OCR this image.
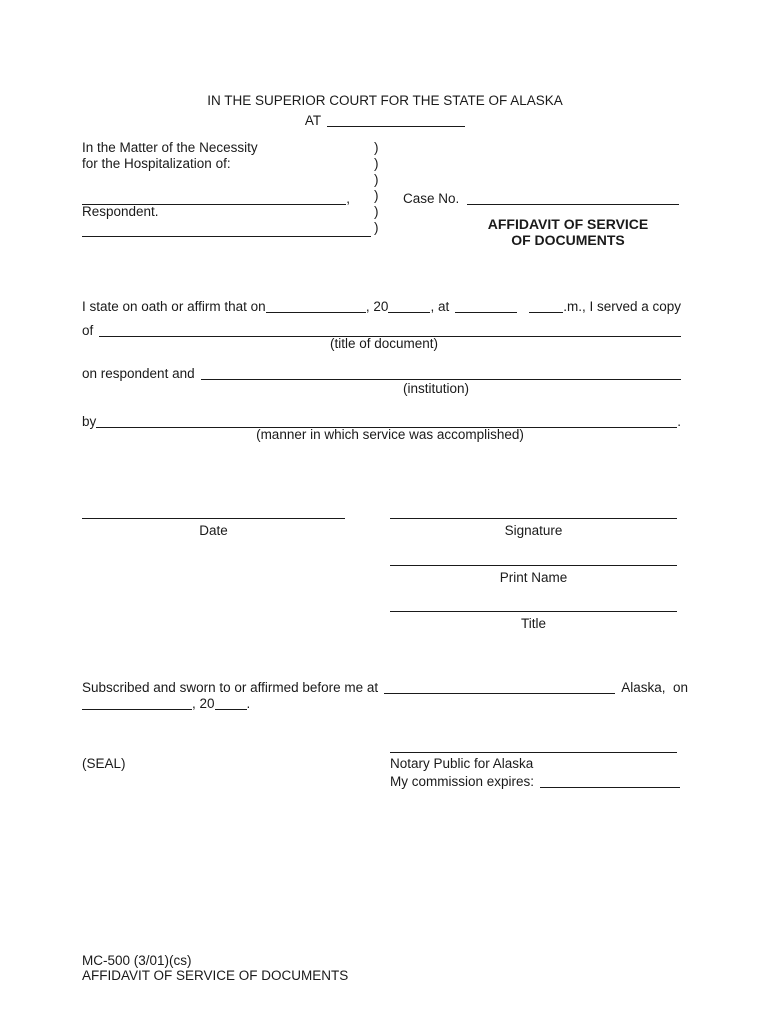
IN THE SUPERIOR COURT FOR THE STATE OF ALASKA
AT
In the Matter of the Necessity
for the Hospitalization of:
,
Respondent.
)
)
)
)
)
)
Case No.
AFFIDAVIT OF SERVICE
OF DOCUMENTS
I state on oath or affirm that on	, 20	, at	.m., I served a copy
of
(title of document)
on respondent and
(institution)
by	.
(manner in which service was accomplished)
Date	Signature
Print Name
Title
Subscribed and sworn to or affirmed before me at	Alaska,  on
, 20 .
(SEAL)	Notary Public for Alaska
My commission expires:
MC-500 (3/01)(cs)
AFFIDAVIT OF SERVICE OF DOCUMENTS
